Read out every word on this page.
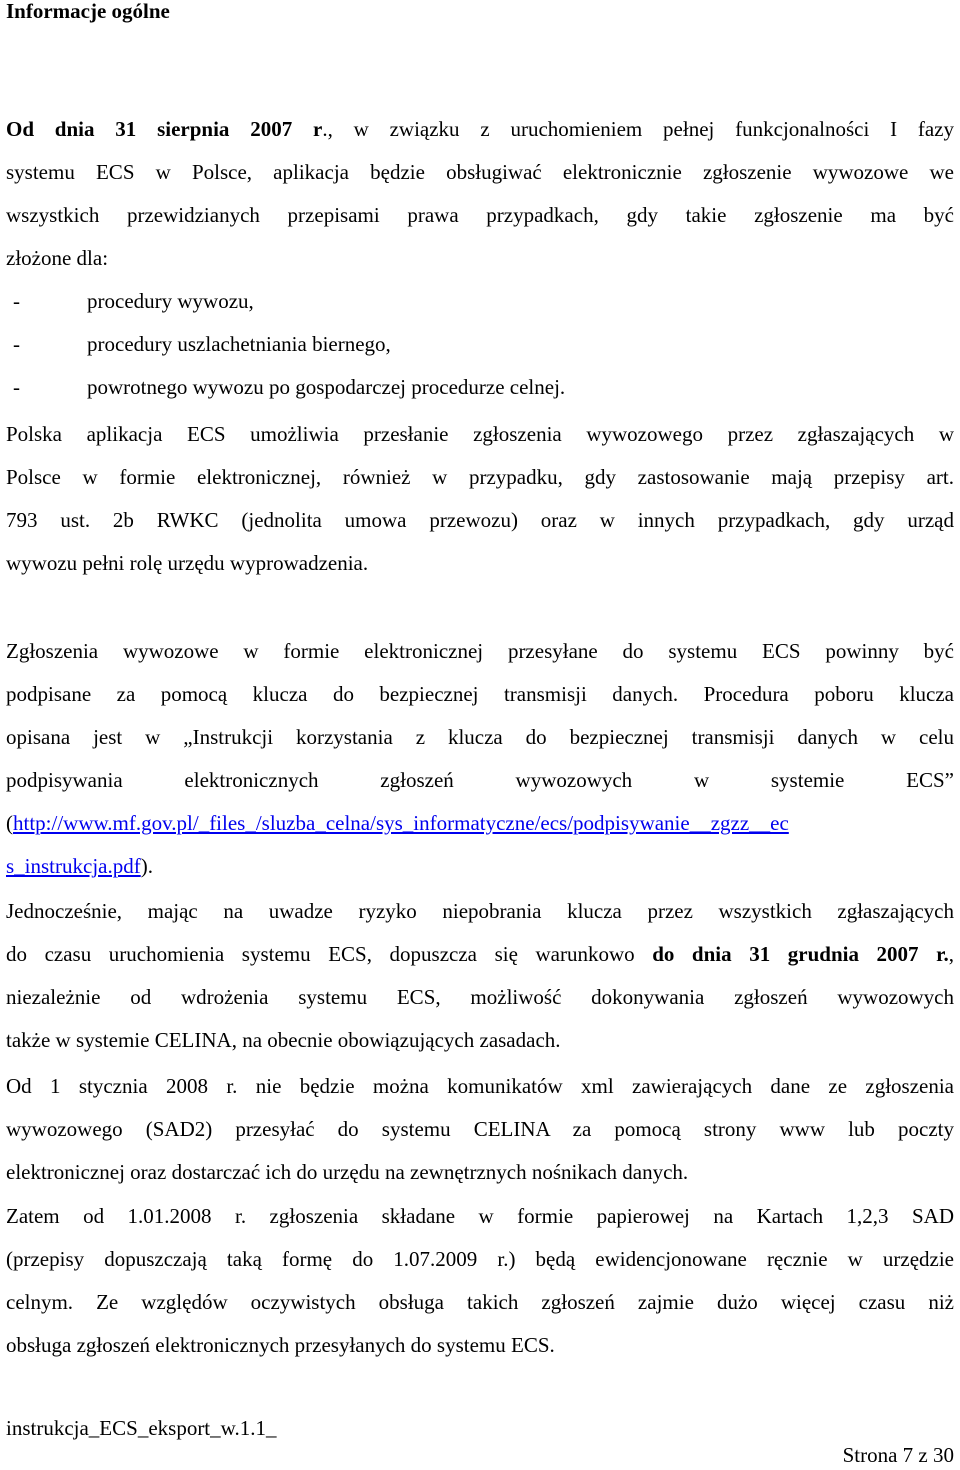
Informacje ogólne
Od dnia 31 sierpnia 2007 r., w związku z uruchomieniem pełnej funkcjonalności I fazy
systemu ECS w Polsce, aplikacja będzie obsługiwać elektronicznie zgłoszenie wywozowe we
wszystkich przewidzianych przepisami prawa przypadkach, gdy takie zgłoszenie ma być
złożone dla:
-	procedury wywozu,
-	procedury uszlachetniania biernego,
-	powrotnego wywozu po gospodarczej procedurze celnej.
Polska aplikacja ECS umożliwia przesłanie zgłoszenia wywozowego przez zgłaszających w
Polsce w formie elektronicznej, również w przypadku, gdy zastosowanie mają przepisy art.
793 ust. 2b RWKC (jednolita umowa przewozu) oraz w innych przypadkach, gdy urząd
wywozu pełni rolę urzędu wyprowadzenia.
Zgłoszenia wywozowe w formie elektronicznej przesyłane do systemu ECS powinny być
podpisane za pomocą klucza do bezpiecznej transmisji danych. Procedura poboru klucza
opisana jest w „Instrukcji korzystania z klucza do bezpiecznej transmisji danych w celu
podpisywania elektronicznych zgłoszeń wywozowych w systemie ECS”
(http://www.mf.gov.pl/_files_/sluzba_celna/sys_informatyczne/ecs/podpisywanie__zgzz__ec
s_instrukcja.pdf).
Jednocześnie, mając na uwadze ryzyko niepobrania klucza przez wszystkich zgłaszających
do czasu uruchomienia systemu ECS, dopuszcza się warunkowo do dnia 31 grudnia 2007 r.,
niezależnie od wdrożenia systemu ECS, możliwość dokonywania zgłoszeń wywozowych
także w systemie CELINA, na obecnie obowiązujących zasadach.
Od 1 stycznia 2008 r. nie będzie można komunikatów xml zawierających dane ze zgłoszenia
wywozowego (SAD2) przesyłać do systemu CELINA za pomocą strony www lub poczty
elektronicznej oraz dostarczać ich do urzędu na zewnętrznych nośnikach danych.
Zatem od 1.01.2008 r. zgłoszenia składane w formie papierowej na Kartach 1,2,3 SAD
(przepisy dopuszczają taką formę do 1.07.2009 r.) będą ewidencjonowane ręcznie w urzędzie
celnym. Ze względów oczywistych obsługa takich zgłoszeń zajmie dużo więcej czasu niż
obsługa zgłoszeń elektronicznych przesyłanych do systemu ECS.

instrukcja_ECS_eksport_w.1.1_

Strona 7 z 30
